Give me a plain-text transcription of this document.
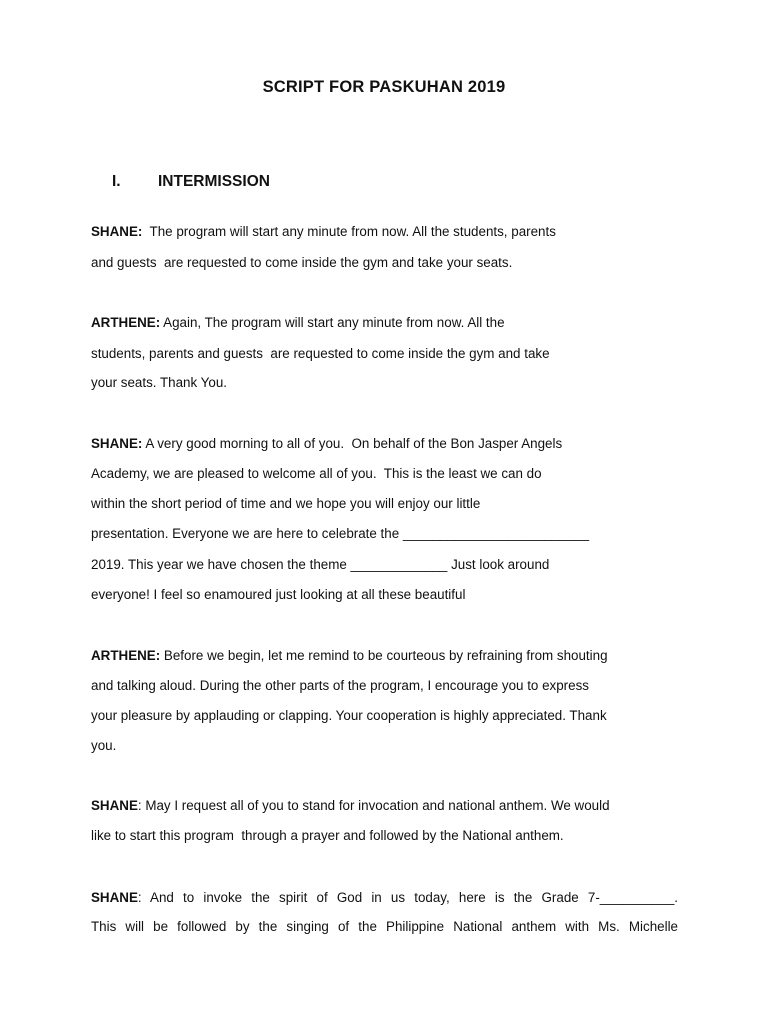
SCRIPT FOR PASKUHAN 2019
I. INTERMISSION
SHANE:  The program will start any minute from now. All the students, parents
and guests  are requested to come inside the gym and take your seats.
ARTHENE: Again, The program will start any minute from now. All the
students, parents and guests  are requested to come inside the gym and take
your seats. Thank You.
SHANE: A very good morning to all of you.  On behalf of the Bon Jasper Angels
Academy, we are pleased to welcome all of you.  This is the least we can do
within the short period of time and we hope you will enjoy our little
presentation. Everyone we are here to celebrate the _________________________
2019. This year we have chosen the theme _____________ Just look around
everyone! I feel so enamoured just looking at all these beautiful
ARTHENE: Before we begin, let me remind to be courteous by refraining from shouting
and talking aloud. During the other parts of the program, I encourage you to express
your pleasure by applauding or clapping. Your cooperation is highly appreciated. Thank
you.
SHANE: May I request all of you to stand for invocation and national anthem. We would
like to start this program  through a prayer and followed by the National anthem.
SHANE: And to invoke the spirit of God in us today, here is the Grade 7-__________.
This will be followed by the singing of the Philippine National anthem with Ms. Michelle
